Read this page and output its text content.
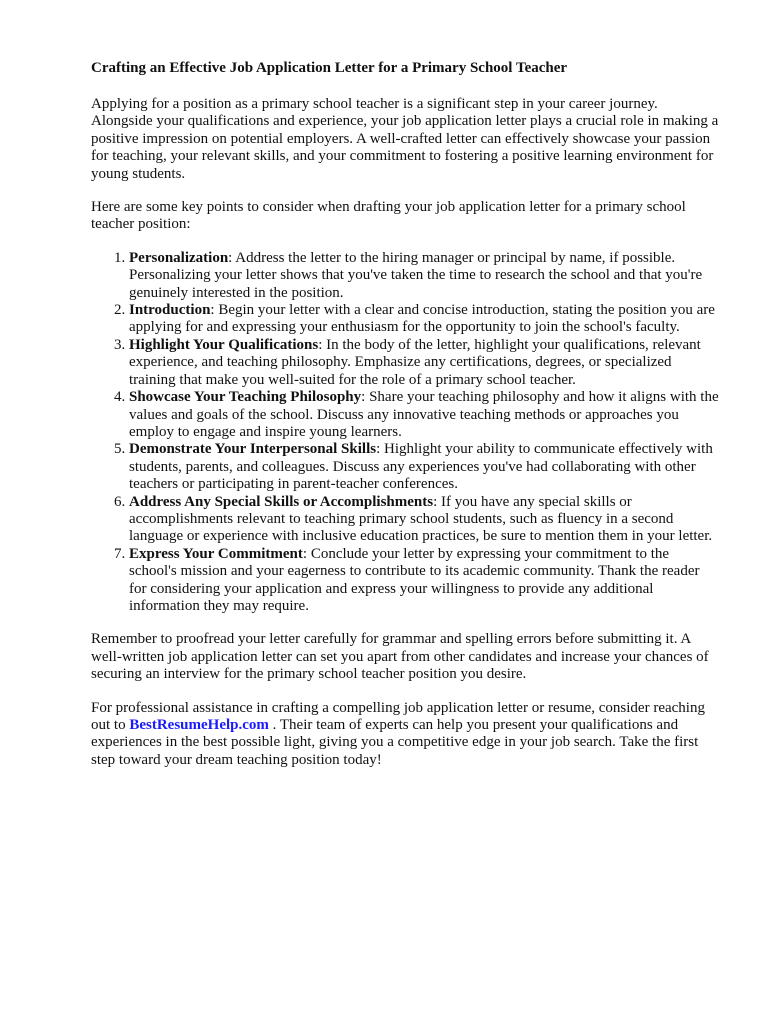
Crafting an Effective Job Application Letter for a Primary School Teacher

Applying for a position as a primary school teacher is a significant step in your career journey. Alongside your qualifications and experience, your job application letter plays a crucial role in making a positive impression on potential employers. A well-crafted letter can effectively showcase your passion for teaching, your relevant skills, and your commitment to fostering a positive learning environment for young students.

Here are some key points to consider when drafting your job application letter for a primary school teacher position:

1. Personalization: Address the letter to the hiring manager or principal by name, if possible. Personalizing your letter shows that you've taken the time to research the school and that you're genuinely interested in the position.
2. Introduction: Begin your letter with a clear and concise introduction, stating the position you are applying for and expressing your enthusiasm for the opportunity to join the school's faculty.
3. Highlight Your Qualifications: In the body of the letter, highlight your qualifications, relevant experience, and teaching philosophy. Emphasize any certifications, degrees, or specialized training that make you well-suited for the role of a primary school teacher.
4. Showcase Your Teaching Philosophy: Share your teaching philosophy and how it aligns with the values and goals of the school. Discuss any innovative teaching methods or approaches you employ to engage and inspire young learners.
5. Demonstrate Your Interpersonal Skills: Highlight your ability to communicate effectively with students, parents, and colleagues. Discuss any experiences you've had collaborating with other teachers or participating in parent-teacher conferences.
6. Address Any Special Skills or Accomplishments: If you have any special skills or accomplishments relevant to teaching primary school students, such as fluency in a second language or experience with inclusive education practices, be sure to mention them in your letter.
7. Express Your Commitment: Conclude your letter by expressing your commitment to the school's mission and your eagerness to contribute to its academic community. Thank the reader for considering your application and express your willingness to provide any additional information they may require.

Remember to proofread your letter carefully for grammar and spelling errors before submitting it. A well-written job application letter can set you apart from other candidates and increase your chances of securing an interview for the primary school teacher position you desire.

For professional assistance in crafting a compelling job application letter or resume, consider reaching out to BestResumeHelp.com . Their team of experts can help you present your qualifications and experiences in the best possible light, giving you a competitive edge in your job search. Take the first step toward your dream teaching position today!
